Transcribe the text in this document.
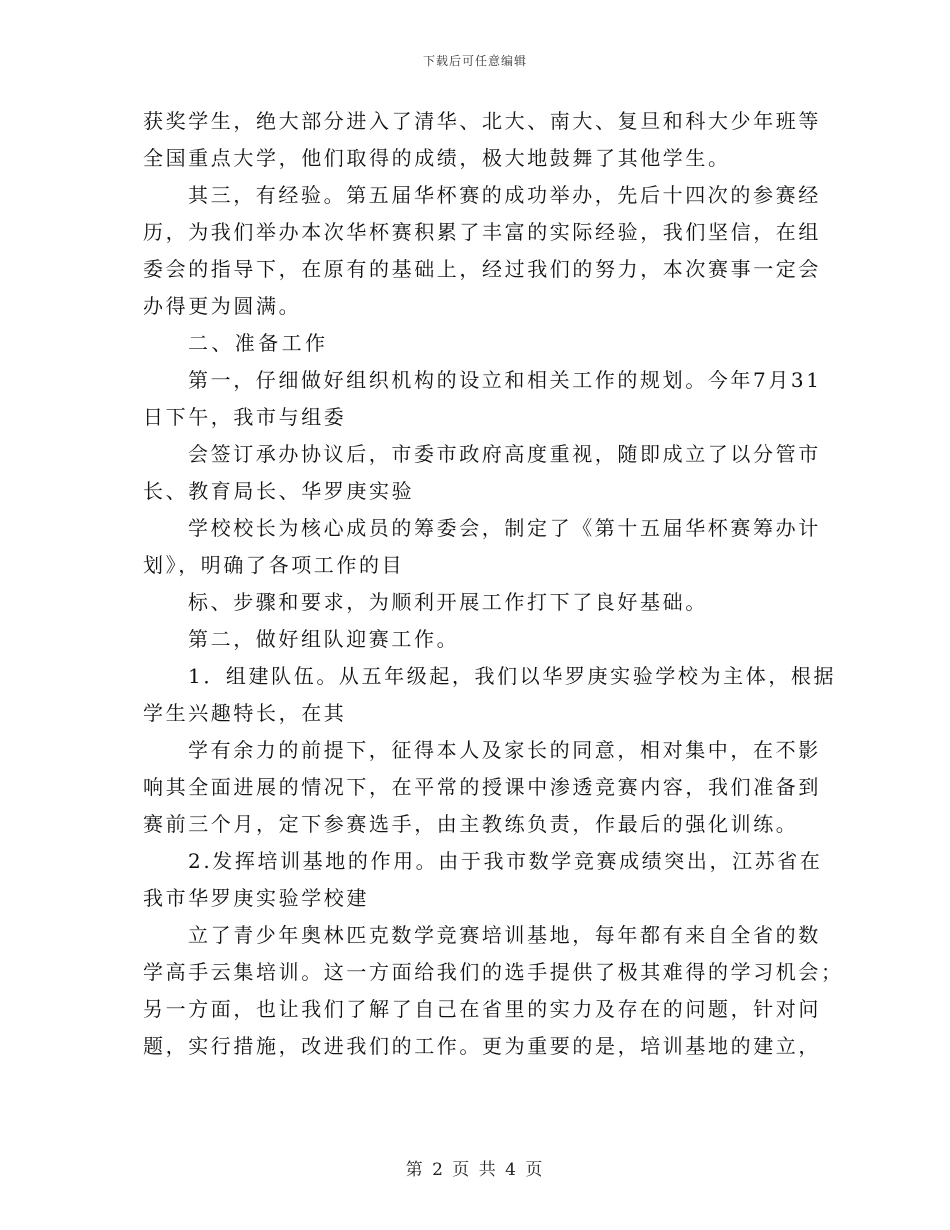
下载后可任意编辑
获奖学生，绝大部分进入了清华、北大、南大、复旦和科大少年班等
全国重点大学，他们取得的成绩，极大地鼓舞了其他学生。
其三，有经验。第五届华杯赛的成功举办，先后十四次的参赛经
历，为我们举办本次华杯赛积累了丰富的实际经验，我们坚信，在组
委会的指导下，在原有的基础上，经过我们的努力，本次赛事一定会
办得更为圆满。
二、准备工作
第一，仔细做好组织机构的设立和相关工作的规划。今年7月31
日下午，我市与组委
会签订承办协议后，市委市政府高度重视，随即成立了以分管市
长、教育局长、华罗庚实验
学校校长为核心成员的筹委会，制定了《第十五届华杯赛筹办计
划》，明确了各项工作的目
标、步骤和要求，为顺利开展工作打下了良好基础。
第二，做好组队迎赛工作。
1．组建队伍。从五年级起，我们以华罗庚实验学校为主体，根据
学生兴趣特长，在其
学有余力的前提下，征得本人及家长的同意，相对集中，在不影
响其全面进展的情况下，在平常的授课中渗透竞赛内容，我们准备到
赛前三个月，定下参赛选手，由主教练负责，作最后的强化训练。
2.发挥培训基地的作用。由于我市数学竞赛成绩突出，江苏省在
我市华罗庚实验学校建
立了青少年奥林匹克数学竞赛培训基地，每年都有来自全省的数
学高手云集培训。这一方面给我们的选手提供了极其难得的学习机会；
另一方面，也让我们了解了自己在省里的实力及存在的问题，针对问
题，实行措施，改进我们的工作。更为重要的是，培训基地的建立，
第 2 页 共 4 页
